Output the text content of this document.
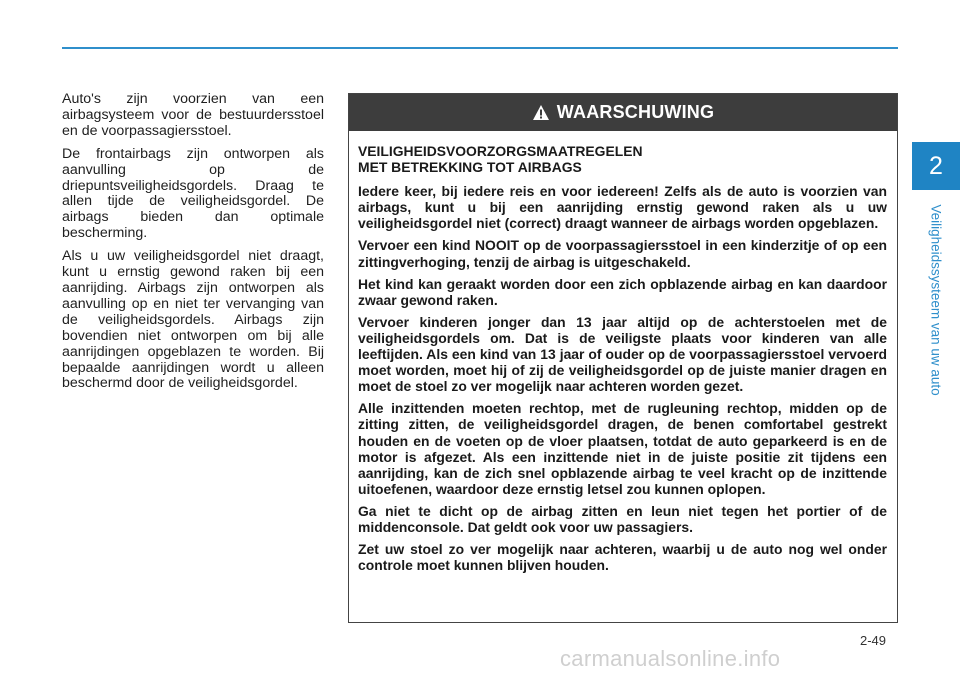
Auto's zijn voorzien van een airbagsysteem voor de bestuurdersstoel en de voorpassagiersstoel.

De frontairbags zijn ontworpen als aanvulling op de driepuntsveiligheidsgordels. Draag te allen tijde de veiligheidsgordel. De airbags bieden dan optimale bescherming.

Als u uw veiligheidsgordel niet draagt, kunt u ernstig gewond raken bij een aanrijding. Airbags zijn ontworpen als aanvulling op en niet ter vervanging van de veiligheidsgordels. Airbags zijn bovendien niet ontworpen om bij alle aanrijdingen opgeblazen te worden. Bij bepaalde aanrijdingen wordt u alleen beschermd door de veiligheidsgordel.

WAARSCHUWING
VEILIGHEIDSVOORZORGSMAATREGELEN
MET BETREKKING TOT AIRBAGS

Iedere keer, bij iedere reis en voor iedereen! Zelfs als de auto is voorzien van airbags, kunt u bij een aanrijding ernstig gewond raken als u uw veiligheidsgordel niet (correct) draagt wanneer de airbags worden opgeblazen.

Vervoer een kind NOOIT op de voorpassagiersstoel in een kinderzitje of op een zittingverhoging, tenzij de airbag is uitgeschakeld.

Het kind kan geraakt worden door een zich opblazende airbag en kan daardoor zwaar gewond raken.

Vervoer kinderen jonger dan 13 jaar altijd op de achterstoelen met de veiligheidsgordels om. Dat is de veiligste plaats voor kinderen van alle leeftijden. Als een kind van 13 jaar of ouder op de voorpassagiersstoel vervoerd moet worden, moet hij of zij de veiligheidsgordel op de juiste manier dragen en moet de stoel zo ver mogelijk naar achteren worden gezet.

Alle inzittenden moeten rechtop, met de rugleuning rechtop, midden op de zitting zitten, de veiligheidsgordel dragen, de benen comfortabel gestrekt houden en de voeten op de vloer plaatsen, totdat de auto geparkeerd is en de motor is afgezet. Als een inzittende niet in de juiste positie zit tijdens een aanrijding, kan de zich snel opblazende airbag te veel kracht op de inzittende uitoefenen, waardoor deze ernstig letsel zou kunnen oplopen.

Ga niet te dicht op de airbag zitten en leun niet tegen het portier of de middenconsole. Dat geldt ook voor uw passagiers.

Zet uw stoel zo ver mogelijk naar achteren, waarbij u de auto nog wel onder controle moet kunnen blijven houden.

2
Veiligheidssysteem van uw auto
2-49
carmanualsonline.info
